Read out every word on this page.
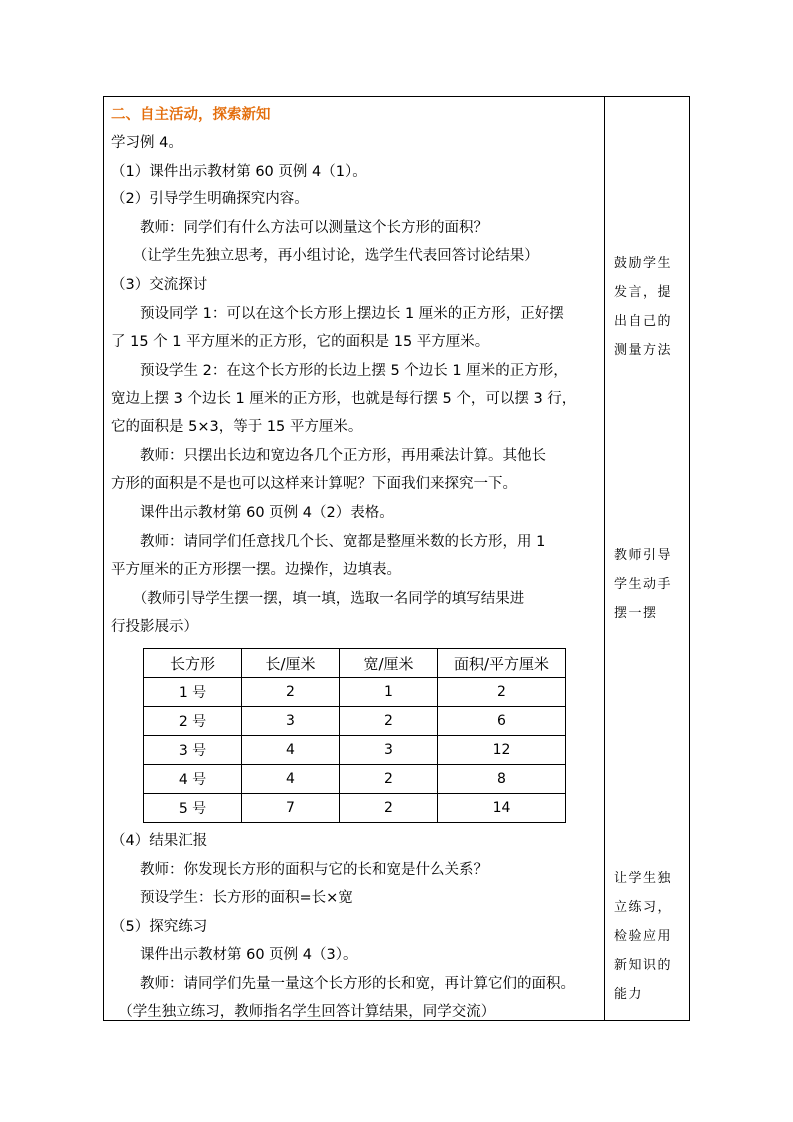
二、自主活动，探索新知
学习例 4。
（1）课件出示教材第 60 页例 4（1）。
（2）引导学生明确探究内容。
　　教师：同学们有什么方法可以测量这个长方形的面积？
　　（让学生先独立思考，再小组讨论，选学生代表回答讨论结果）
（3）交流探讨
　　预设同学 1：可以在这个长方形上摆边长 1 厘米的正方形，正好摆
了 15 个 1 平方厘米的正方形，它的面积是 15 平方厘米。
　　预设学生 2：在这个长方形的长边上摆 5 个边长 1 厘米的正方形，
宽边上摆 3 个边长 1 厘米的正方形，也就是每行摆 5 个，可以摆 3 行，
它的面积是 5×3，等于 15 平方厘米。
　　教师：只摆出长边和宽边各几个正方形，再用乘法计算。其他长
方形的面积是不是也可以这样来计算呢？下面我们来探究一下。
　　课件出示教材第 60 页例 4（2）表格。
　　教师：请同学们任意找几个长、宽都是整厘米数的长方形，用 1
平方厘米的正方形摆一摆。边操作，边填表。
　　（教师引导学生摆一摆，填一填，选取一名同学的填写结果进
行投影展示）
长方形	长/厘米	宽/厘米	面积/平方厘米
1 号	2	1	2
2 号	3	2	6
3 号	4	3	12
4 号	4	2	8
5 号	7	2	14
（4）结果汇报
　　教师：你发现长方形的面积与它的长和宽是什么关系？
　　预设学生：长方形的面积=长×宽
（5）探究练习
　　课件出示教材第 60 页例 4（3）。
　　教师：请同学们先量一量这个长方形的长和宽，再计算它们的面积。
　（学生独立练习，教师指名学生回答计算结果，同学交流）
鼓励学生
发言，提
出自己的
测量方法
教师引导
学生动手
摆一摆
让学生独
立练习，
检验应用
新知识的
能力
